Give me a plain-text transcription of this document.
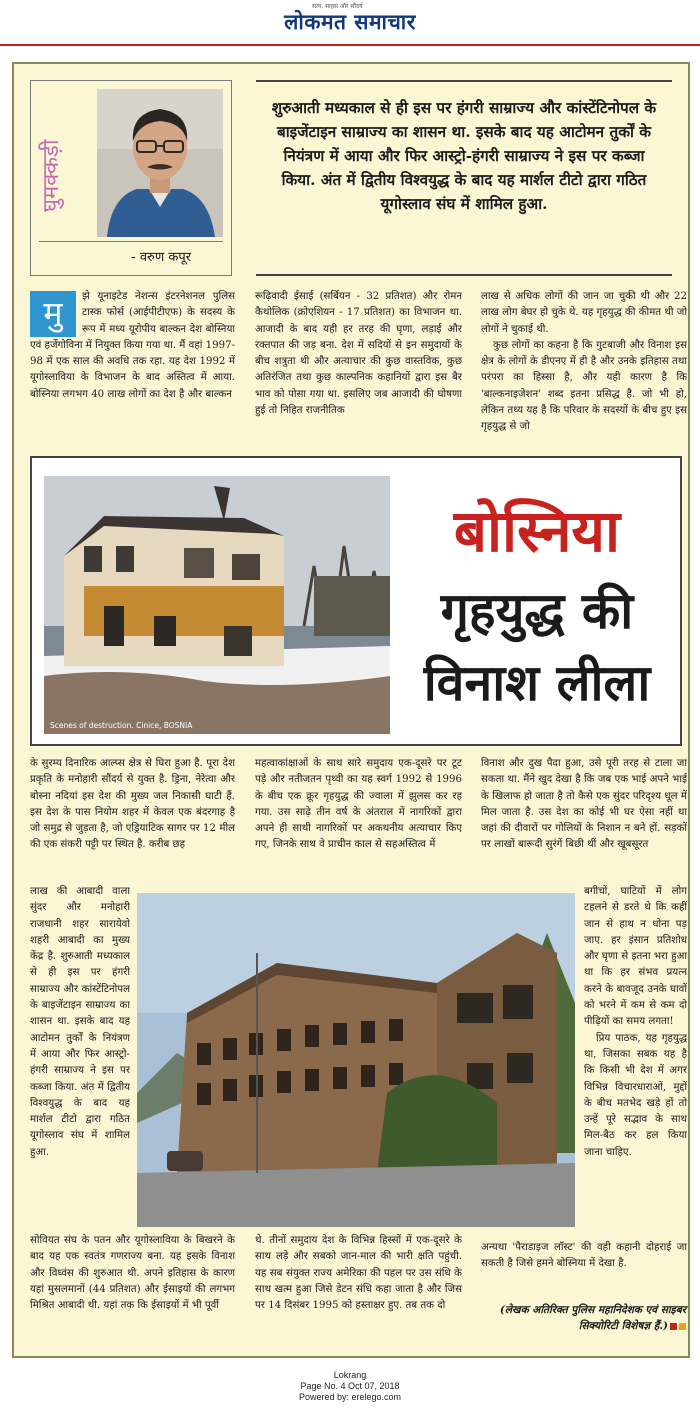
सत्य, साहस और सौंदर्य
लोकमत समाचार
घुमक्कड़ी
- वरुण कपूर
शुरुआती मध्यकाल से ही इस पर हंगरी साम्राज्य और कांस्टेंटिनोपल के बाइजेंटाइन साम्राज्य का शासन था. इसके बाद यह आटोमन तुर्कों के नियंत्रण में आया और फिर आस्ट्रो-हंगरी साम्राज्य ने इस पर कब्जा किया. अंत में द्वितीय विश्वयुद्ध के बाद यह मार्शल टीटो द्वारा गठित यूगोस्लाव संघ में शामिल हुआ.

मु	झे यूनाइटेड नेशन्स इंटरनेशनल पुलिस टास्क फोर्स (आईपीटीएफ) के सदस्य के रूप में मध्य यूरोपीय बाल्कन देश बोस्निया एवं हर्जेगोविना में नियुक्त किया गया था. मैं वहां 1997-98 में एक साल की अवधि तक रहा. यह देश 1992 में यूगोस्लाविया के विभाजन के बाद अस्तित्व में आया. बोस्निया लगभग 40 लाख लोगों का देश है और बाल्कन

रूढ़िवादी ईसाई (सर्बियन - 32 प्रतिशत) और रोमन कैथोलिक (क्रोएशियन - 17 प्रतिशत) का विभाजन था. आजादी के बाद यही हर तरह की घृणा, लड़ाई और रक्तपात की जड़ बना. देश में सदियों से इन समुदायों के बीच शत्रुता थी और अत्याचार की कुछ वास्तविक, कुछ अतिरंजित तथा कुछ काल्पनिक कहानियों द्वारा इस बैर भाव को पोसा गया था. इसलिए जब आजादी की घोषणा हुई तो निहित राजनीतिक

लाख से अधिक लोगों की जान जा चुकी थी और 22 लाख लोग बेघर हो चुके थे. यह गृहयुद्ध की कीमत थी जो लोगों ने चुकाई थी.

कुछ लोगों का कहना है कि गुटबाजी और विनाश इस क्षेत्र के लोगों के डीएनए में ही है और उनके इतिहास तथा परंपरा का हिस्सा है, और यही कारण है कि 'बाल्कनाइजेशन' शब्द इतना प्रसिद्ध है. जो भी हो, लेकिन तथ्य यह है कि परिवार के सदस्यों के बीच हुए इस गृहयुद्ध से जो

Scenes of destruction. Cinice, BOSNIA
बोस्निया
गृहयुद्ध की
विनाश लीला

के सुरम्य दिनारिक आल्प्स क्षेत्र से घिरा हुआ है. पूरा देश प्रकृति के मनोहारी सौंदर्य से युक्त है. ड्रिना, नेरेत्वा और बोस्ना नदियां इस देश की मुख्य जल निकासी घाटी हैं. इस देश के पास नियोम शहर में केवल एक बंदरगाह है जो समुद्र से जुड़ता है, जो एड्रियाटिक सागर पर 12 मील की एक संकरी पट्टी पर स्थित है. करीब छह

महत्वाकांक्षाओं के साथ सारे समुदाय एक-दूसरे पर टूट पड़े और नतीजतन पृथ्वी का यह स्वर्ग 1992 से 1996 के बीच एक क्रूर गृहयुद्ध की ज्वाला में झुलस कर रह गया. उस साढ़े तीन वर्ष के अंतराल में नागरिकों द्वारा अपने ही साथी नागरिकों पर अकथनीय अत्याचार किए गए, जिनके साथ वे प्राचीन काल से सहअस्तित्व में

विनाश और दुख पैदा हुआ, उसे पूरी तरह से टाला जा सकता था. मैंने खुद देखा है कि जब एक भाई अपने भाई के खिलाफ हो जाता है तो कैसे एक सुंदर परिदृश्य धूल में मिल जाता है. उस देश का कोई भी घर ऐसा नहीं था जहां की दीवारों पर गोलियों के निशान न बने हों. सड़कों पर लाखों बारूदी सुरंगें बिछी थीं और खूबसूरत

लाख की आबादी वाला सुंदर और मनोहारी राजधानी शहर सारायेवो शहरी आबादी का मुख्य केंद्र है. शुरुआती मध्यकाल से ही इस पर हंगरी साम्राज्य और कांस्टेंटिनोपल के बाइजेंटाइन साम्राज्य का शासन था. इसके बाद यह आटोमन तुर्कों के नियंत्रण में आया और फिर आस्ट्रो-हंगरी साम्राज्य ने इस पर कब्जा किया. अंत में द्वितीय विश्वयुद्ध के बाद यह मार्शल टीटो द्वारा गठित यूगोस्लाव संघ में शामिल हुआ.

बगीचों, घाटियों में लोग टहलने से डरते थे कि कहीं जान से हाथ न धोना पड़ जाए. हर इंसान प्रतिशोध और घृणा से इतना भरा हुआ था कि हर संभव प्रयत्न करने के बावजूद उनके घावों को भरने में कम से कम दो पीढ़ियों का समय लगता!

प्रिय पाठक, यह गृहयुद्ध था, जिसका सबक यह है कि किसी भी देश में अगर विभिन्न विचारधाराओं, मुद्दों के बीच मतभेद खड़े हों तो उन्हें पूरे सद्भाव के साथ मिल-बैठ कर हल किया जाना चाहिए.

सोवियत संघ के पतन और यूगोस्लाविया के बिखरने के बाद यह एक स्वतंत्र गणराज्य बना. यह इसके विनाश और विध्वंस की शुरुआत थी. अपने इतिहास के कारण यहां मुसलमानों (44 प्रतिशत) और ईसाइयों की लगभग मिश्रित आबादी थी. यहां तक कि ईसाइयों में भी पूर्वी

थे. तीनों समुदाय देश के विभिन्न हिस्सों में एक-दूसरे के साथ लड़े और सबको जान-माल की भारी क्षति पहुंची. यह सब संयुक्त राज्य अमेरिका की पहल पर उस संधि के साथ खत्म हुआ जिसे डेटन संधि कहा जाता है और जिस पर 14 दिसंबर 1995 को हस्ताक्षर हुए. तब तक दो

अन्यथा 'पैराडाइज लॉस्ट' की वही कहानी दोहराई जा सकती है जिसे हमने बोस्निया में देखा है.

(लेखक अतिरिक्त पुलिस महानिदेशक एवं साइबर सिक्योरिटी विशेषज्ञ हैं.)
Lokrang
Page No. 4 Oct 07, 2018
Powered by: erelego.com
